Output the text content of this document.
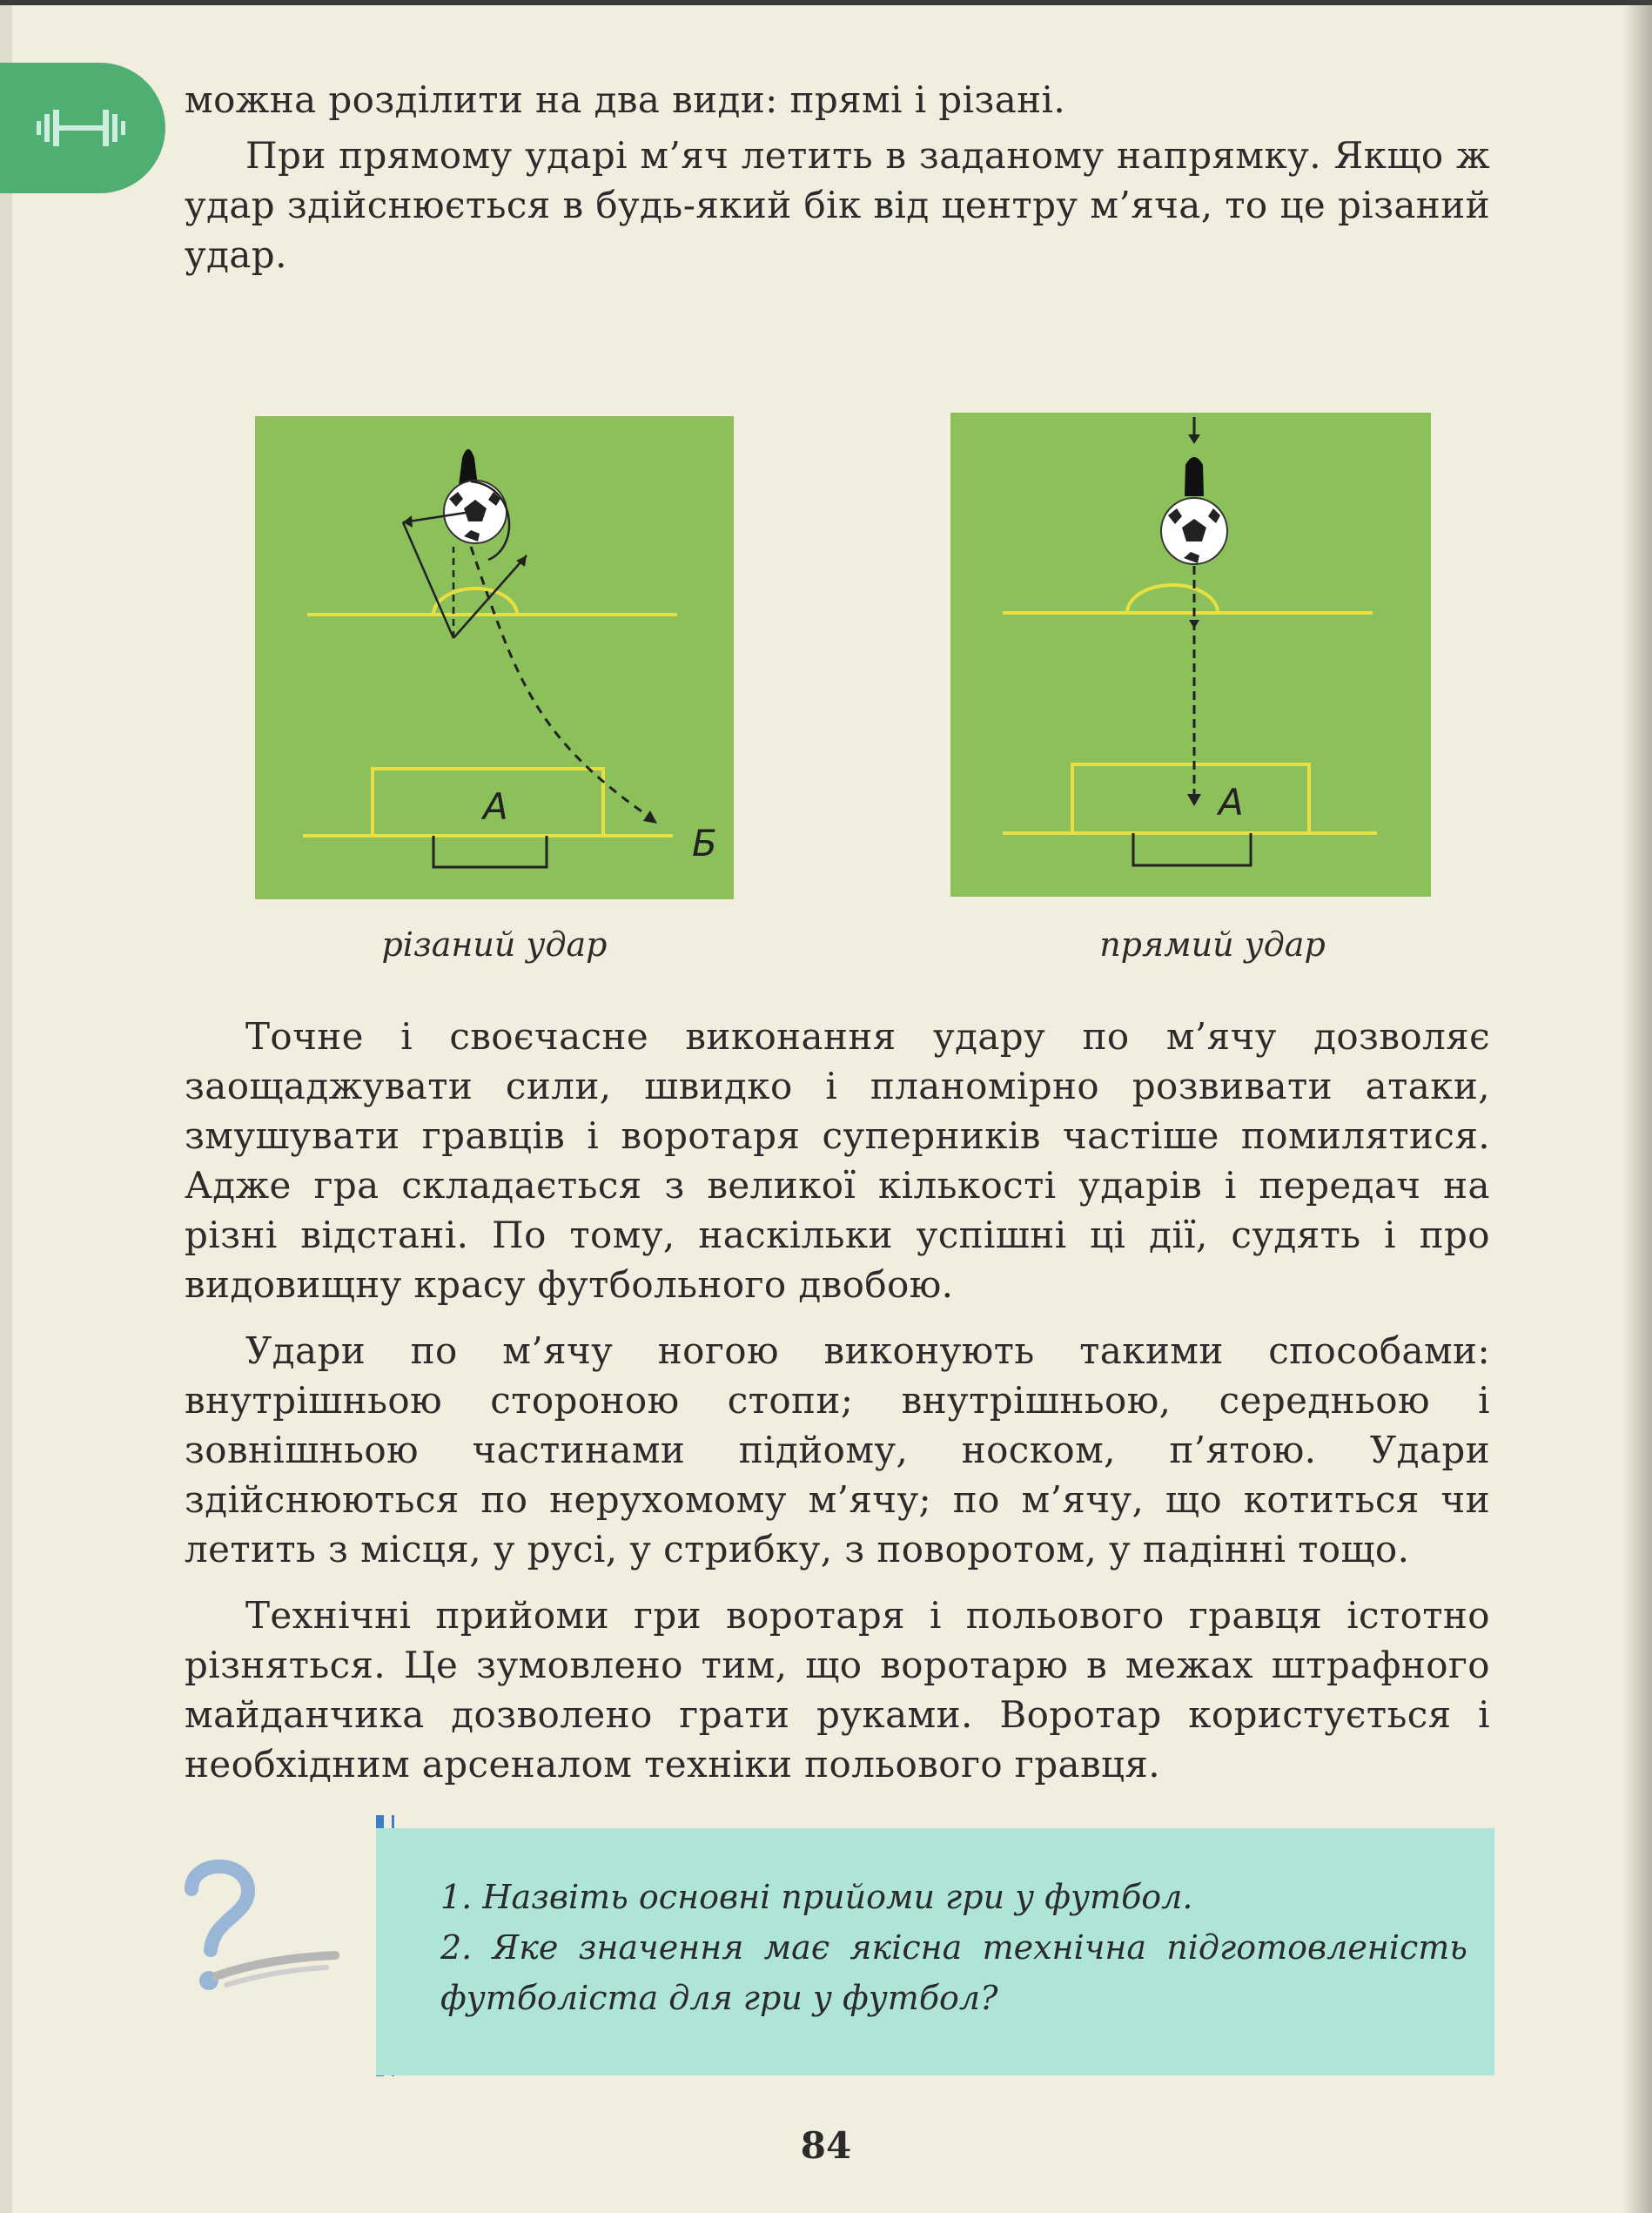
можна розділити на два види: прямі і різані.

При прямому ударі м’яч летить в заданому напрямку. Якщо ж удар здійснюється в будь-який бік від центру м’яча, то це різаний удар.

А
Б
А
різаний удар	прямий удар

Точне і своєчасне виконання удару по м’ячу дозволяє заощаджувати сили, швидко і планомірно розвивати атаки, змушувати гравців і воротаря суперників частіше помилятися. Адже гра складається з великої кількості ударів і передач на різні відстані. По тому, наскільки успішні ці дії, судять і про видовищну красу футбольного двобою.

Удари по м’ячу ногою виконують такими способами: внутрішньою стороною стопи; внутрішньою, середньою і зовнішньою частинами підйому, носком, п’ятою. Удари здійснюються по нерухомому м’ячу; по м’ячу, що котиться чи летить з місця, у русі, у стрибку, з поворотом, у падінні тощо.

Технічні прийоми гри воротаря і польового гравця істотно різняться. Це зумовлено тим, що воротарю в межах штрафного майданчика дозволено грати руками. Воротар користується і необхідним арсеналом техніки польового гравця.

1. Назвіть основні прийоми гри у футбол.
2. Яке значення має якісна технічна підготовленість футболіста для гри у футбол?
84
